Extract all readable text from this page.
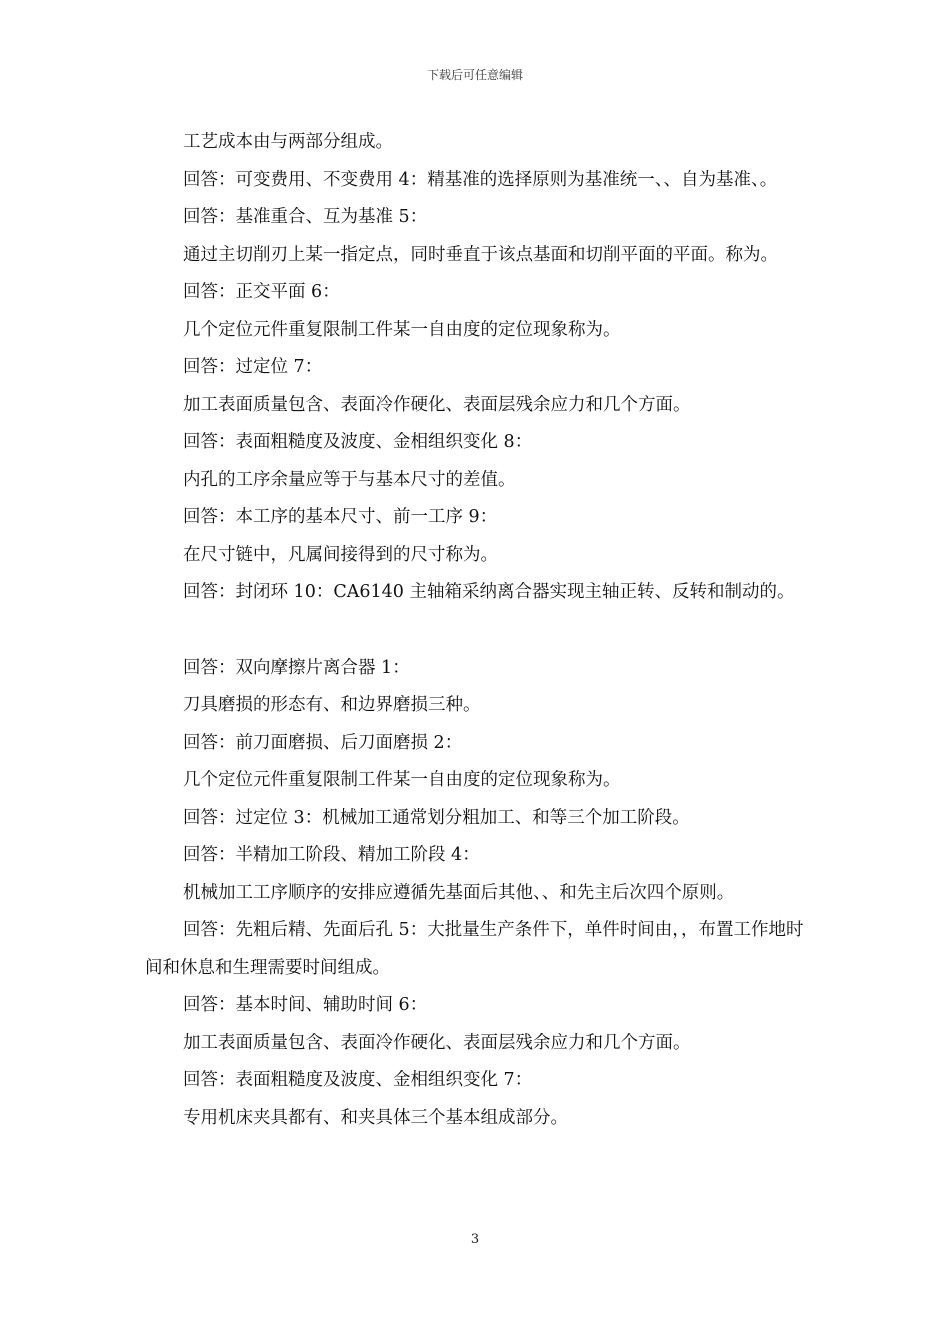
下载后可任意编辑

工艺成本由与两部分组成。

回答：可变费用、不变费用 4：精基准的选择原则为基准统一、、自为基准、。

回答：基准重合、互为基准 5：

通过主切削刃上某一指定点，同时垂直于该点基面和切削平面的平面。称为。

回答：正交平面 6：

几个定位元件重复限制工件某一自由度的定位现象称为。

回答：过定位 7：

加工表面质量包含、表面冷作硬化、表面层残余应力和几个方面。

回答：表面粗糙度及波度、金相组织变化 8：

内孔的工序余量应等于与基本尺寸的差值。

回答：本工序的基本尺寸、前一工序 9：

在尺寸链中，凡属间接得到的尺寸称为。

回答：封闭环 10：CA6140 主轴箱采纳离合器实现主轴正转、反转和制动的。

回答：双向摩擦片离合器 1：

刀具磨损的形态有、和边界磨损三种。

回答：前刀面磨损、后刀面磨损 2：

几个定位元件重复限制工件某一自由度的定位现象称为。

回答：过定位 3：机械加工通常划分粗加工、和等三个加工阶段。

回答：半精加工阶段、精加工阶段 4：

机械加工工序顺序的安排应遵循先基面后其他、、和先主后次四个原则。

回答：先粗后精、先面后孔 5：大批量生产条件下，单件时间由，，布置工作地时间和休息和生理需要时间组成。

回答：基本时间、辅助时间 6：

加工表面质量包含、表面冷作硬化、表面层残余应力和几个方面。

回答：表面粗糙度及波度、金相组织变化 7：

专用机床夹具都有、和夹具体三个基本组成部分。

3
